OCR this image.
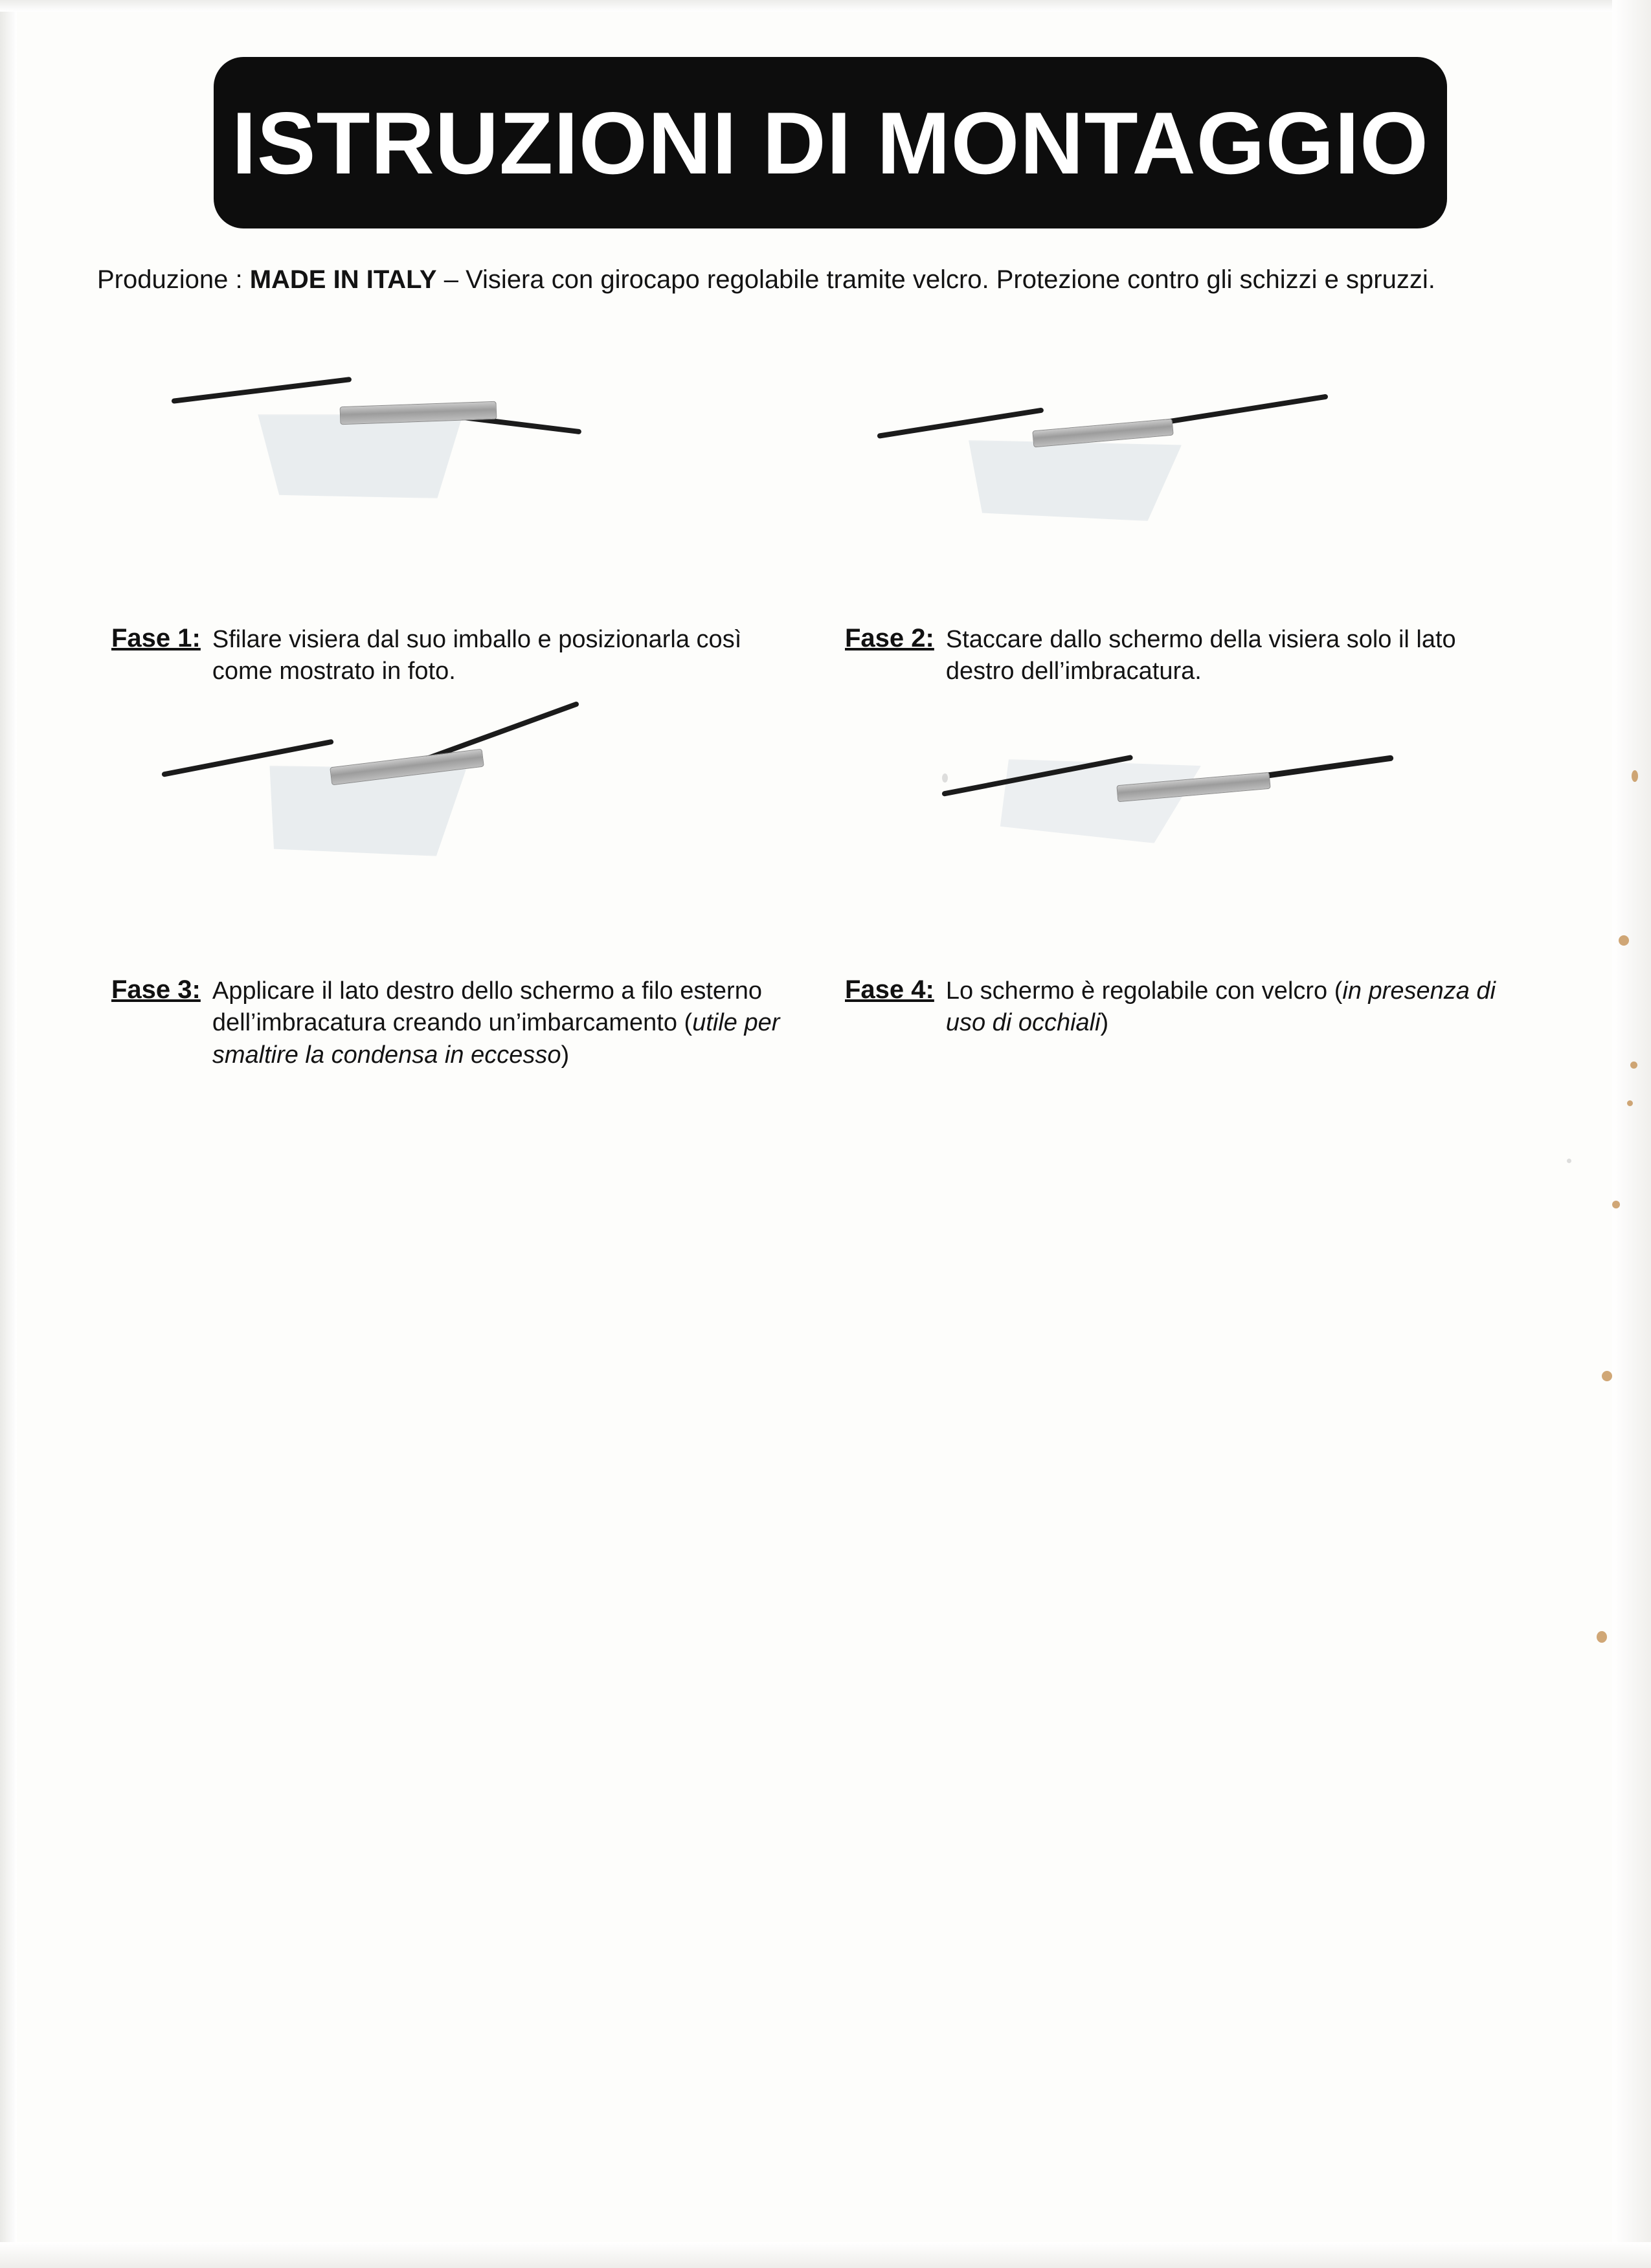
ISTRUZIONI DI MONTAGGIO
Produzione : MADE IN ITALY – Visiera con girocapo regolabile tramite velcro. Protezione contro gli schizzi e spruzzi.
Fase 1: Sfilare visiera dal suo imballo e posizionarla così come mostrato in foto.
Fase 2: Staccare dallo schermo della visiera solo il lato destro dell’imbracatura.
Fase 3: Applicare il lato destro dello schermo a filo esterno dell’imbracatura creando un’imbarcamento (utile per smaltire la condensa in eccesso)
Fase 4: Lo schermo è regolabile con velcro (in presenza di uso di occhiali)
